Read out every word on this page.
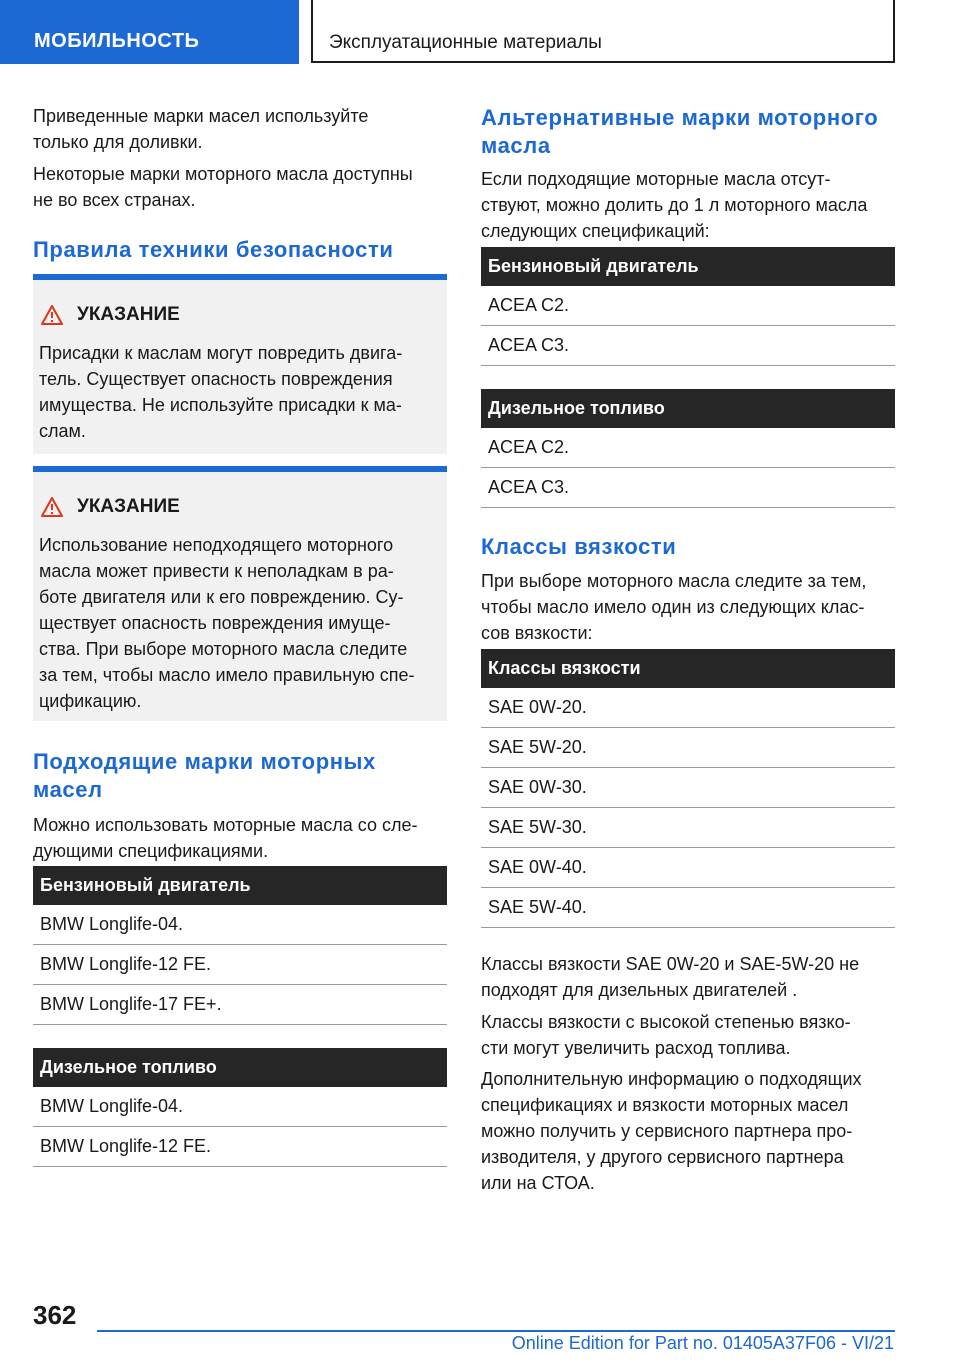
МОБИЛЬНОСТЬ	Эксплуатационные материалы

Приведенные марки масел используйте
только для доливки.

Некоторые марки моторного масла доступны
не во всех странах.

Правила техники безопасности
УКАЗАНИЕ

Присадки к маслам могут повредить двига-
тель. Существует опасность повреждения
имущества. Не используйте присадки к ма-
слам.

УКАЗАНИЕ

Использование неподходящего моторного
масла может привести к неполадкам в ра-
боте двигателя или к его повреждению. Су-
ществует опасность повреждения имуще-
ства. При выборе моторного масла следите
за тем, чтобы масло имело правильную спе-
цификацию.

Подходящие марки моторных
масел

Можно использовать моторные масла со сле-
дующими спецификациями.

Бензиновый двигатель
BMW Longlife-04.
BMW Longlife-12 FE.
BMW Longlife-17 FE+.
Дизельное топливо
BMW Longlife-04.
BMW Longlife-12 FE.
Альтернативные марки моторного
масла

Если подходящие моторные масла отсут-
ствуют, можно долить до 1 л моторного масла
следующих спецификаций:

Бензиновый двигатель
ACEA C2.
ACEA C3.
Дизельное топливо
ACEA C2.
ACEA C3.
Классы вязкости

При выборе моторного масла следите за тем,
чтобы масло имело один из следующих клас-
сов вязкости:

Классы вязкости
SAE 0W-20.
SAE 5W-20.
SAE 0W-30.
SAE 5W-30.
SAE 0W-40.
SAE 5W-40.

Классы вязкости SAE 0W-20 и SAE-5W-20 не
подходят для дизельных двигателей .

Классы вязкости с высокой степенью вязко-
сти могут увеличить расход топлива.

Дополнительную информацию о подходящих
спецификациях и вязкости моторных масел
можно получить у сервисного партнера про-
изводителя, у другого сервисного партнера
или на СТОА.

362
Online Edition for Part no. 01405A37F06 - VI/21
